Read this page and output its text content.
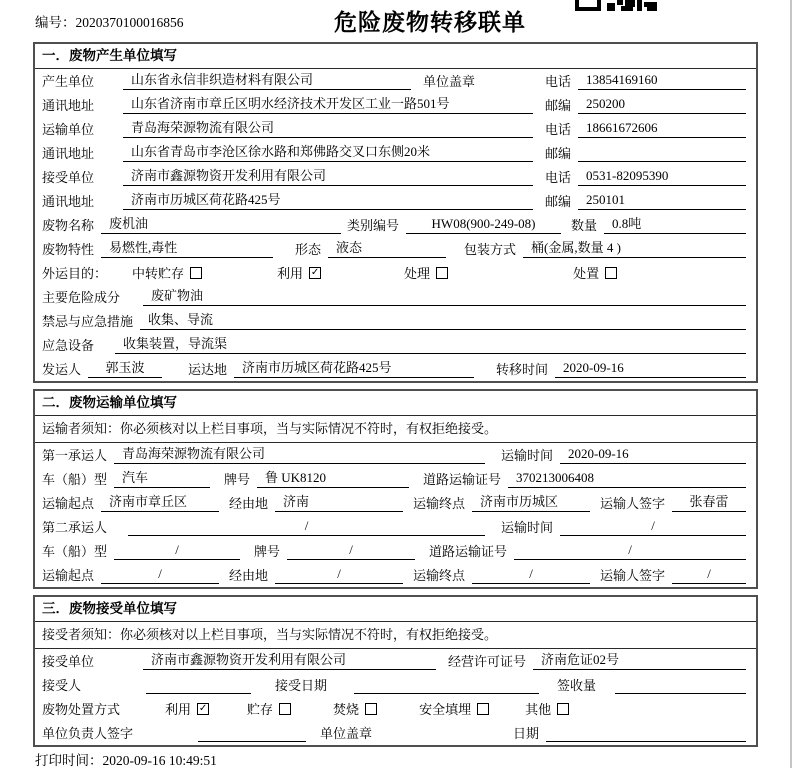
编号：2020370100016856	危险废物转移联单
一．废物产生单位填写
产生单位	山东省永信非织造材料有限公司	单位盖章	电话	13854169160
通讯地址	山东省济南市章丘区明水经济技术开发区工业一路501号	邮编	250200
运输单位	青岛海荣源物流有限公司	电话	18661672606
通讯地址	山东省青岛市李沧区徐水路和郑佛路交叉口东侧20米	邮编
接受单位	济南市鑫源物资开发利用有限公司	电话	0531-82095390
通讯地址	济南市历城区荷花路425号	邮编	250101
废物名称	废机油	类别编号	HW08(900-249-08)	数量	0.8吨
废物特性	易燃性,毒性	形态	液态	包装方式	桶(金属,数量 4 )
外运目的： 中转贮存	利用 ✓	处理	处置
主要危险成分	废矿物油
禁忌与应急措施	收集、导流
应急设备	收集装置，导流渠
发运人	郭玉波	运达地	济南市历城区荷花路425号	转移时间	2020-09-16
二．废物运输单位填写
运输者须知：你必须核对以上栏目事项，当与实际情况不符时，有权拒绝接受。
第一承运人	青岛海荣源物流有限公司	运输时间	2020-09-16
车（船）型	汽车	牌号	鲁 UK8120	道路运输证号	370213006408
运输起点	济南市章丘区	经由地	济南	运输终点	济南市历城区	运输人签字	张春雷
第二承运人	/	运输时间	/
车（船）型	/	牌号	/	道路运输证号	/
运输起点	/	经由地	/	运输终点	/	运输人签字	/
三．废物接受单位填写
接受者须知：你必须核对以上栏目事项，当与实际情况不符时，有权拒绝接受。
接受单位	济南市鑫源物资开发利用有限公司	经营许可证号	济南危证02号
接受人	接受日期	签收量
废物处置方式	利用 ✓	贮存	焚烧	安全填埋	其他
单位负责人签字	单位盖章	日期
打印时间：2020-09-16 10:49:51
